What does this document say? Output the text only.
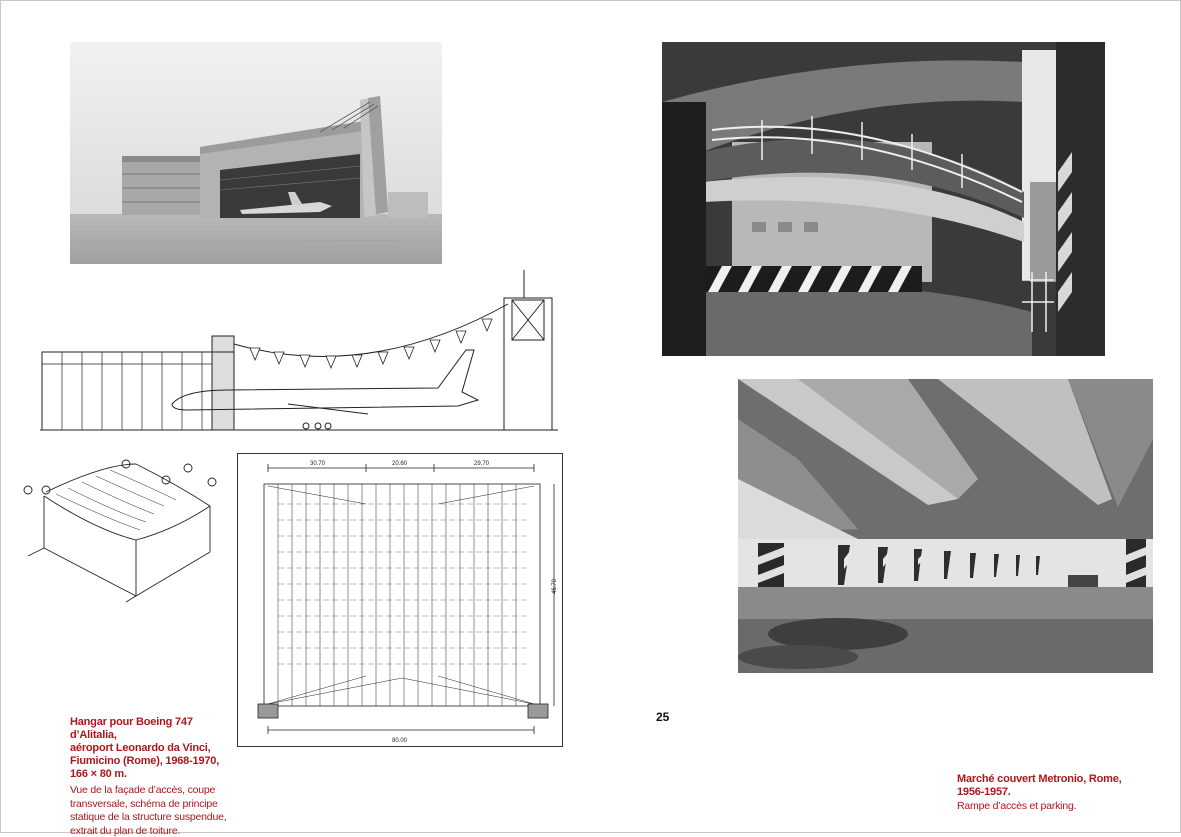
30.70	20.60	29.70
80.00
46.70
Hangar pour Boeing 747 d’Alitalia,
aéroport Leonardo da Vinci,
Fiumicino (Rome), 1968-1970,
166 × 80 m.
Vue de la façade d’accès, coupe
transversale, schéma de principe
statique de la structure suspendue,
extrait du plan de toiture.
25
Marché couvert Metronio, Rome,
1956-1957.
Rampe d’accès et parking.
